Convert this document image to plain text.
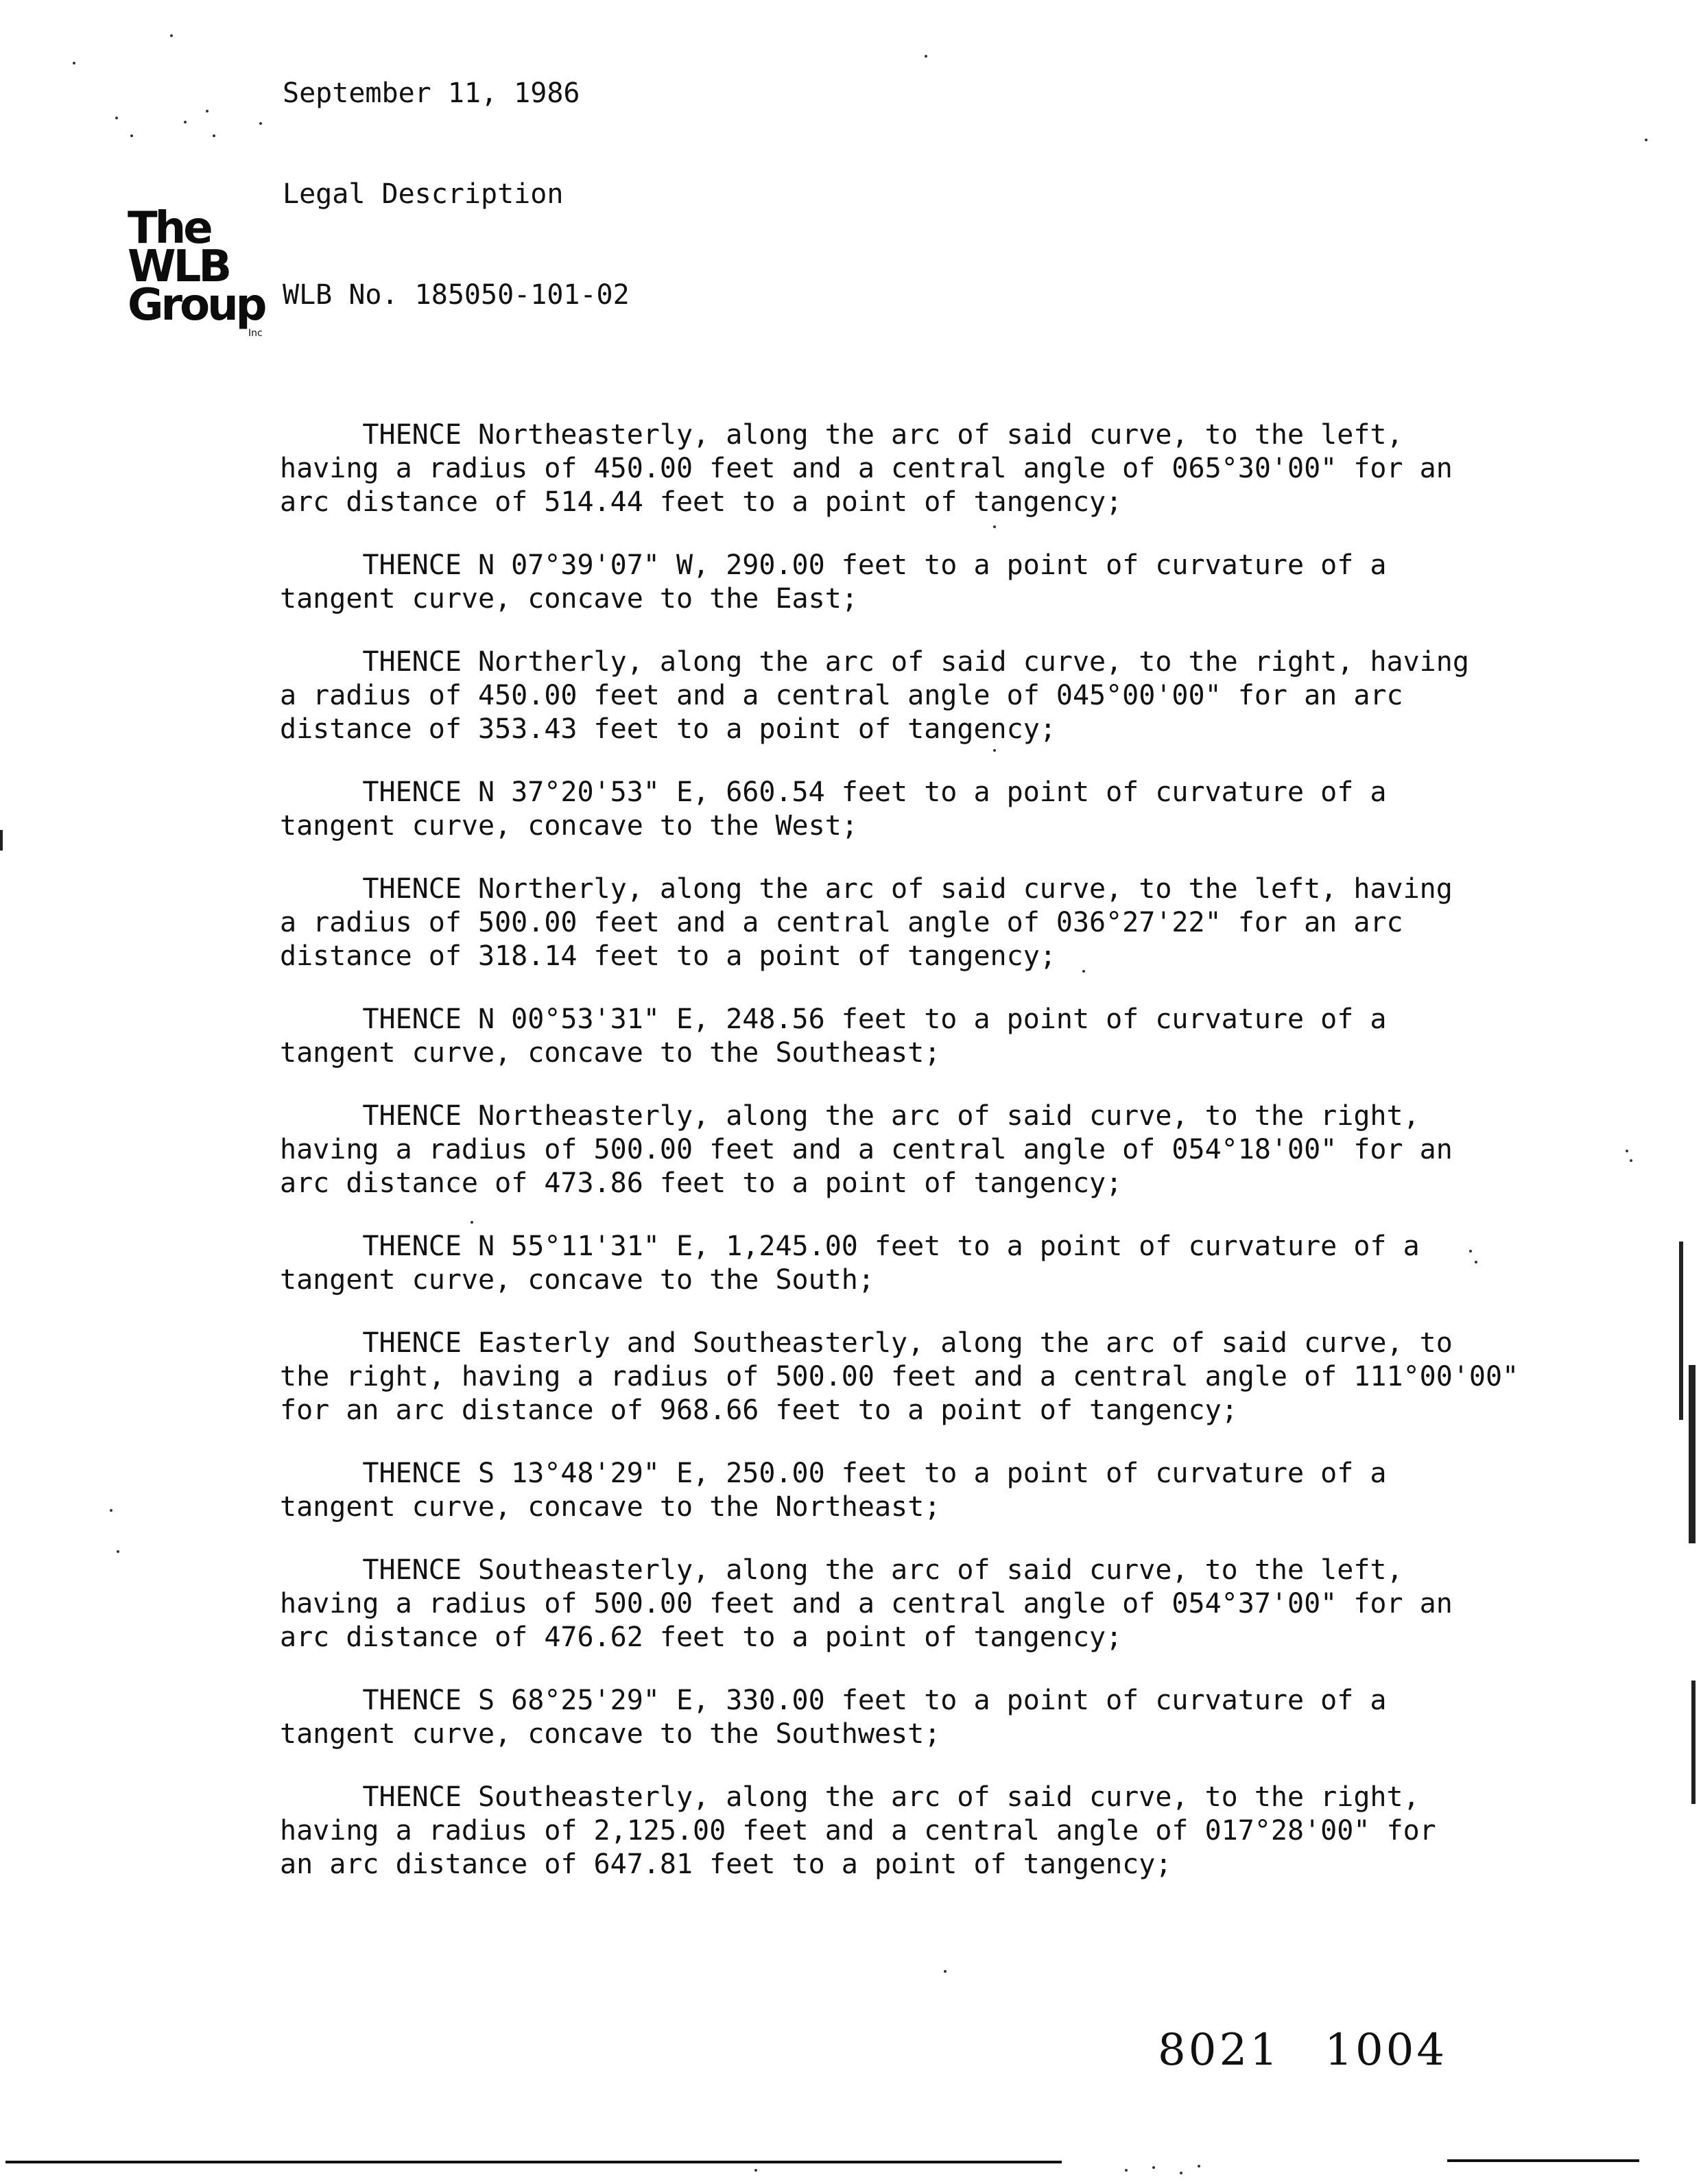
September 11, 1986

Legal Description

WLB No. 185050-101-02

The
WLB
Group
Inc

THENCE Northeasterly, along the arc of said curve, to the left,
having a radius of 450.00 feet and a central angle of 065°30'00" for an
arc distance of 514.44 feet to a point of tangency;

THENCE N 07°39'07" W, 290.00 feet to a point of curvature of a
tangent curve, concave to the East;

THENCE Northerly, along the arc of said curve, to the right, having
a radius of 450.00 feet and a central angle of 045°00'00" for an arc
distance of 353.43 feet to a point of tangency;

THENCE N 37°20'53" E, 660.54 feet to a point of curvature of a
tangent curve, concave to the West;

THENCE Northerly, along the arc of said curve, to the left, having
a radius of 500.00 feet and a central angle of 036°27'22" for an arc
distance of 318.14 feet to a point of tangency;

THENCE N 00°53'31" E, 248.56 feet to a point of curvature of a
tangent curve, concave to the Southeast;

THENCE Northeasterly, along the arc of said curve, to the right,
having a radius of 500.00 feet and a central angle of 054°18'00" for an
arc distance of 473.86 feet to a point of tangency;

THENCE N 55°11'31" E, 1,245.00 feet to a point of curvature of a
tangent curve, concave to the South;

THENCE Easterly and Southeasterly, along the arc of said curve, to
the right, having a radius of 500.00 feet and a central angle of 111°00'00"
for an arc distance of 968.66 feet to a point of tangency;

THENCE S 13°48'29" E, 250.00 feet to a point of curvature of a
tangent curve, concave to the Northeast;

THENCE Southeasterly, along the arc of said curve, to the left,
having a radius of 500.00 feet and a central angle of 054°37'00" for an
arc distance of 476.62 feet to a point of tangency;

THENCE S 68°25'29" E, 330.00 feet to a point of curvature of a
tangent curve, concave to the Southwest;

THENCE Southeasterly, along the arc of said curve, to the right,
having a radius of 2,125.00 feet and a central angle of 017°28'00" for
an arc distance of 647.81 feet to a point of tangency;

8021 1004
